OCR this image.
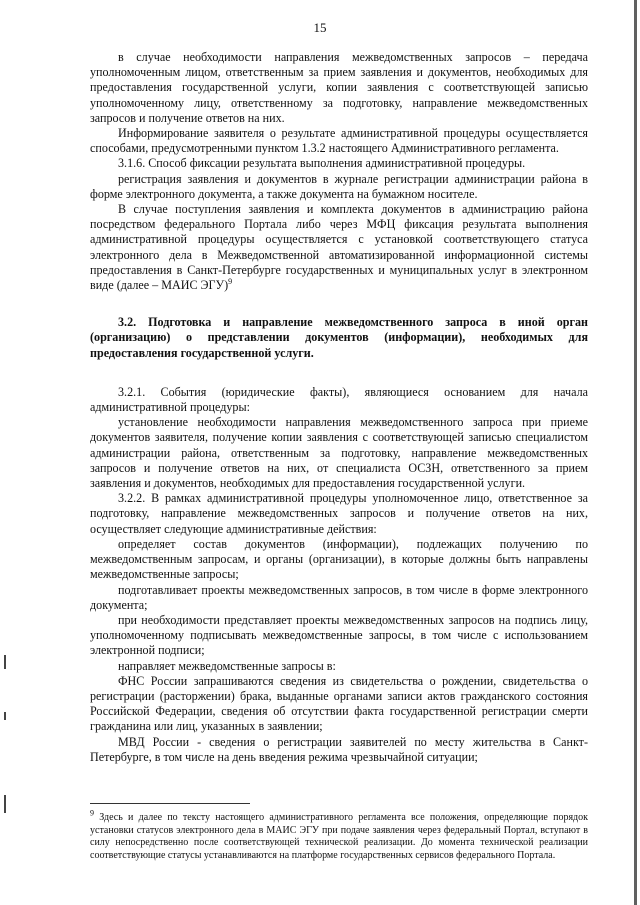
15

в случае необходимости направления межведомственных запросов – передача уполномоченным лицом, ответственным за прием заявления и документов, необходимых для предоставления государственной услуги, копии заявления с соответствующей записью уполномоченному лицу, ответственному за подготовку, направление межведомственных запросов и получение ответов на них.

Информирование заявителя о результате административной процедуры осуществляется способами, предусмотренными пунктом 1.3.2 настоящего Административного регламента.

3.1.6. Способ фиксации результата выполнения административной процедуры.

регистрация заявления и документов в журнале регистрации администрации района в форме электронного документа, а также документа на бумажном носителе.

В случае поступления заявления и комплекта документов в администрацию района посредством федерального Портала либо через МФЦ фиксация результата выполнения административной процедуры осуществляется с установкой соответствующего статуса электронного дела в Межведомственной автоматизированной информационной системы предоставления в Санкт-Петербурге государственных и муниципальных услуг в электронном виде (далее – МАИС ЭГУ)$^9$

3.2. Подготовка и направление межведомственного запроса в иной орган (организацию) о представлении документов (информации), необходимых для предоставления государственной услуги.

3.2.1. События (юридические факты), являющиеся основанием для начала административной процедуры:

установление необходимости направления межведомственного запроса при приеме документов заявителя, получение копии заявления с соответствующей записью специалистом администрации района, ответственным за подготовку, направление межведомственных запросов и получение ответов на них, от специалиста ОСЗН, ответственного за прием заявления и документов, необходимых для предоставления государственной услуги.

3.2.2. В рамках административной процедуры уполномоченное лицо, ответственное за подготовку, направление межведомственных запросов и получение ответов на них, осуществляет следующие административные действия:

определяет состав документов (информации), подлежащих получению по межведомственным запросам, и органы (организации), в которые должны быть направлены межведомственные запросы;

подготавливает проекты межведомственных запросов, в том числе в форме электронного документа;

при необходимости представляет проекты межведомственных запросов на подпись лицу, уполномоченному подписывать межведомственные запросы, в том числе с использованием электронной подписи;

направляет межведомственные запросы в:

ФНС России запрашиваются сведения из свидетельства о рождении, свидетельства о регистрации (расторжении) брака, выданные органами записи актов гражданского состояния Российской Федерации, сведения об отсутствии факта государственной регистрации смерти гражданина или лиц, указанных в заявлении;

МВД России - сведения о регистрации заявителей по месту жительства в Санкт-Петербурге, в том числе на день введения режима чрезвычайной ситуации;

$^9$ Здесь и далее по тексту настоящего административного регламента все положения, определяющие порядок установки статусов электронного дела в МАИС ЭГУ при подаче заявления через федеральный Портал, вступают в силу непосредственно после соответствующей технической реализации. До момента технической реализации соответствующие статусы устанавливаются на платформе государственных сервисов федерального Портала.
